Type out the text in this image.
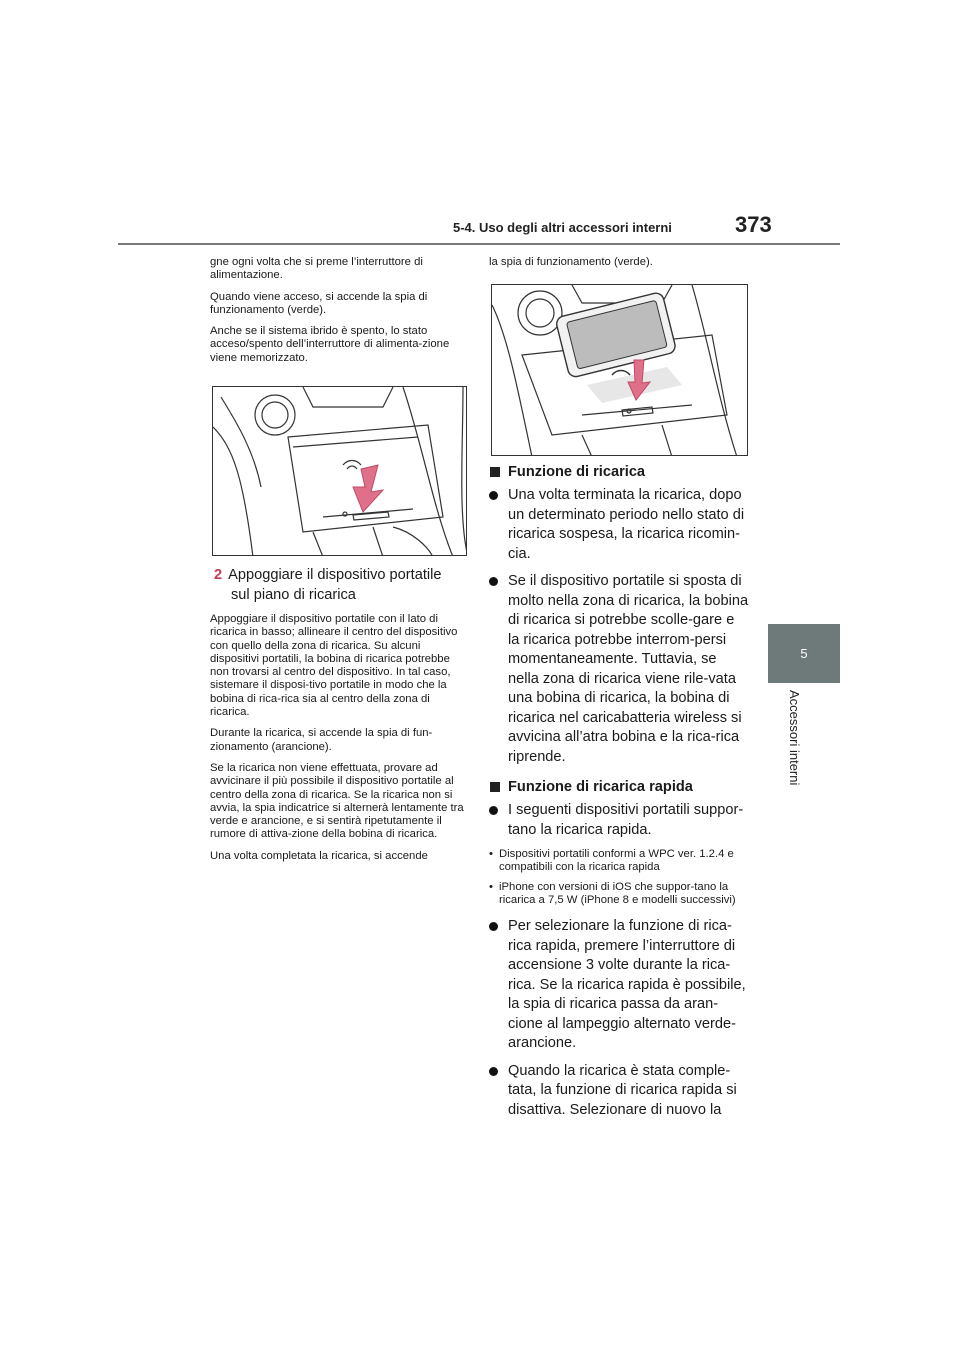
5-4. Uso degli altri accessori interni	373
5
Accessori interni

gne ogni volta che si preme l’interruttore di alimentazione.

Quando viene acceso, si accende la spia di funzionamento (verde).

Anche se il sistema ibrido è spento, lo stato acceso/spento dell’interruttore di alimenta-zione viene memorizzato.

2 Appoggiare il dispositivo portatile
sul piano di ricarica

Appoggiare il dispositivo portatile con il lato di ricarica in basso; allineare il centro del dispositivo con quello della zona di ricarica. Su alcuni dispositivi portatili, la bobina di ricarica potrebbe non trovarsi al centro del dispositivo. In tal caso, sistemare il disposi-tivo portatile in modo che la bobina di rica-rica sia al centro della zona di ricarica.

Durante la ricarica, si accende la spia di fun-zionamento (arancione).

Se la ricarica non viene effettuata, provare ad avvicinare il più possibile il dispositivo portatile al centro della zona di ricarica. Se la ricarica non si avvia, la spia indicatrice si alternerà lentamente tra verde e arancione, e si sentirà ripetutamente il rumore di attiva-zione della bobina di ricarica.

Una volta completata la ricarica, si accende

la spia di funzionamento (verde).

Funzione di ricarica
Una volta terminata la ricarica, dopo un determinato periodo nello stato di ricarica sospesa, la ricarica ricomin-cia.
Se il dispositivo portatile si sposta di molto nella zona di ricarica, la bobina di ricarica si potrebbe scolle-gare e la ricarica potrebbe interrom-persi momentaneamente. Tuttavia, se nella zona di ricarica viene rile-vata una bobina di ricarica, la bobina di ricarica nel caricabatteria wireless si avvicina all’atra bobina e la rica-rica riprende.
Funzione di ricarica rapida
I seguenti dispositivi portatili suppor-tano la ricarica rapida.
• Dispositivi portatili conformi a WPC ver. 1.2.4 e compatibili con la ricarica rapida
• iPhone con versioni di iOS che suppor-tano la ricarica a 7,5 W (iPhone 8 e modelli successivi)
Per selezionare la funzione di rica-rica rapida, premere l’interruttore di accensione 3 volte durante la rica-rica. Se la ricarica rapida è possibile, la spia di ricarica passa da aran-cione al lampeggio alternato verde-arancione.
Quando la ricarica è stata comple-tata, la funzione di ricarica rapida si disattiva. Selezionare di nuovo la
